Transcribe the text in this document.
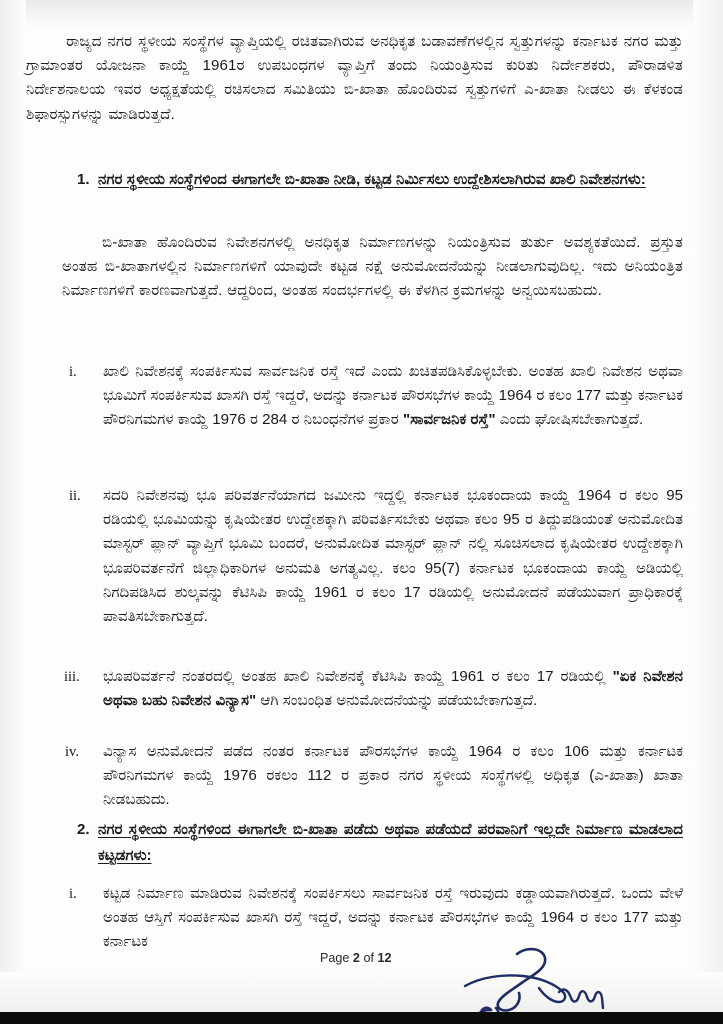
ರಾಜ್ಯದ ನಗರ ಸ್ಥಳೀಯ ಸಂಸ್ಥೆಗಳ ವ್ಯಾಪ್ತಿಯಲ್ಲಿ ರಚಿತವಾಗಿರುವ ಅನಧಿಕೃತ ಬಡಾವಣೆಗಳಲ್ಲಿನ ಸ್ವತ್ತುಗಳನ್ನು ಕರ್ನಾಟಕ ನಗರ ಮತ್ತು ಗ್ರಾಮಾಂತರ ಯೋಜನಾ ಕಾಯ್ದೆ 1961ರ ಉಪಬಂಧಗಳ ವ್ಯಾಪ್ತಿಗೆ ತಂದು ನಿಯಂತ್ರಿಸುವ ಕುರಿತು ನಿರ್ದೇಶಕರು, ಪೌರಾಡಳಿತ ನಿರ್ದೇಶನಾಲಯ ಇವರ ಅಧ್ಯಕ್ಷತೆಯಲ್ಲಿ ರಚಿಸಲಾದ ಸಮಿತಿಯು ಬಿ-ಖಾತಾ ಹೊಂದಿರುವ ಸ್ವತ್ತುಗಳಿಗೆ ಎ-ಖಾತಾ ನೀಡಲು ಈ ಕೆಳಕಂಡ ಶಿಫಾರಸ್ಸುಗಳನ್ನು ಮಾಡಿರುತ್ತದೆ.
1. ನಗರ ಸ್ಥಳೀಯ ಸಂಸ್ಥೆಗಳಿಂದ ಈಗಾಗಲೇ ಬಿ-ಖಾತಾ ನೀಡಿ, ಕಟ್ಟಡ ನಿರ್ಮಿಸಲು ಉದ್ದೇಶಿಸಲಾಗಿರುವ ಖಾಲಿ ನಿವೇಶನಗಳು:
ಬಿ-ಖಾತಾ ಹೊಂದಿರುವ ನಿವೇಶನಗಳಲ್ಲಿ ಅನಧಿಕೃತ ನಿರ್ಮಾಣಗಳನ್ನು ನಿಯಂತ್ರಿಸುವ ತುರ್ತು ಅವಶ್ಯಕತೆಯಿದೆ. ಪ್ರಸ್ತುತ ಅಂತಹ ಬಿ-ಖಾತಾಗಳಲ್ಲಿನ ನಿರ್ಮಾಣಗಳಿಗೆ ಯಾವುದೇ ಕಟ್ಟಡ ನಕ್ಷೆ ಅನುಮೋದನೆಯನ್ನು ನೀಡಲಾಗುವುದಿಲ್ಲ. ಇದು ಅನಿಯಂತ್ರಿತ ನಿರ್ಮಾಣಗಳಿಗೆ ಕಾರಣವಾಗುತ್ತದೆ. ಆದ್ದರಿಂದ, ಅಂತಹ ಸಂದರ್ಭಗಳಲ್ಲಿ ಈ ಕೆಳಗಿನ ಕ್ರಮಗಳನ್ನು ಅನ್ವಯಿಸಬಹುದು.
i. ಖಾಲಿ ನಿವೇಶನಕ್ಕೆ ಸಂಪರ್ಕಿಸುವ ಸಾರ್ವಜನಿಕ ರಸ್ತೆ ಇದೆ ಎಂದು ಖಚಿತಪಡಿಸಿಕೊಳ್ಳಬೇಕು. ಅಂತಹ ಖಾಲಿ ನಿವೇಶನ ಅಥವಾ ಭೂಮಿಗೆ ಸಂಪರ್ಕಿಸುವ ಖಾಸಗಿ ರಸ್ತೆ ಇದ್ದರೆ, ಅದನ್ನು ಕರ್ನಾಟಕ ಪೌರಸಭೆಗಳ ಕಾಯ್ದೆ 1964 ರ ಕಲಂ 177 ಮತ್ತು ಕರ್ನಾಟಕ ಪೌರನಿಗಮಗಳ ಕಾಯ್ದೆ 1976 ರ 284 ರ ನಿಬಂಧನೆಗಳ ಪ್ರಕಾರ "ಸಾರ್ವಜನಿಕ ರಸ್ತೆ" ಎಂದು ಘೋಷಿಸಬೇಕಾಗುತ್ತದೆ.
ii. ಸದರಿ ನಿವೇಶನವು ಭೂ ಪರಿವರ್ತನೆಯಾಗದ ಜಮೀನು ಇದ್ದಲ್ಲಿ ಕರ್ನಾಟಕ ಭೂಕಂದಾಯ ಕಾಯ್ದೆ 1964 ರ ಕಲಂ 95 ರಡಿಯಲ್ಲಿ ಭೂಮಿಯನ್ನು ಕೃಷಿಯೇತರ ಉದ್ದೇಶಕ್ಕಾಗಿ ಪರಿವರ್ತಿಸಬೇಕು ಅಥವಾ ಕಲಂ 95 ರ ತಿದ್ದುಪಡಿಯಂತೆ ಅನುಮೋದಿತ ಮಾಸ್ಟರ್ ಪ್ಲಾನ್ ವ್ಯಾಪ್ತಿಗೆ ಭೂಮಿ ಬಂದರೆ, ಅನುಮೋದಿತ ಮಾಸ್ಟರ್ ಪ್ಲಾನ್ ನಲ್ಲಿ ಸೂಚಿಸಲಾದ ಕೃಷಿಯೇತರ ಉದ್ದೇಶಕ್ಕಾಗಿ ಭೂಪರಿವರ್ತನೆಗೆ ಜಿಲ್ಲಾಧಿಕಾರಿಗಳ ಅನುಮತಿ ಅಗತ್ಯವಿಲ್ಲ. ಕಲಂ 95(7) ಕರ್ನಾಟಕ ಭೂಕಂದಾಯ ಕಾಯ್ದೆ ಅಡಿಯಲ್ಲಿ ನಿಗದಿಪಡಿಸಿದ ಶುಲ್ಕವನ್ನು ಕೆಟಿಸಿಪಿ ಕಾಯ್ದೆ 1961 ರ ಕಲಂ 17 ರಡಿಯಲ್ಲಿ ಅನುಮೋದನೆ ಪಡೆಯುವಾಗ ಪ್ರಾಧಿಕಾರಕ್ಕೆ ಪಾವತಿಸಬೇಕಾಗುತ್ತದೆ.
iii. ಭೂಪರಿವರ್ತನೆ ನಂತರದಲ್ಲಿ ಅಂತಹ ಖಾಲಿ ನಿವೇಶನಕ್ಕೆ ಕೆಟಿಸಿಪಿ ಕಾಯ್ದೆ 1961 ರ ಕಲಂ 17 ರಡಿಯಲ್ಲಿ "ಏಕ ನಿವೇಶನ ಅಥವಾ ಬಹು ನಿವೇಶನ ವಿನ್ಯಾಸ" ಆಗಿ ಸಂಬಂಧಿತ ಅನುಮೋದನೆಯನ್ನು ಪಡೆಯಬೇಕಾಗುತ್ತದೆ.
iv. ವಿನ್ಯಾಸ ಅನುಮೋದನೆ ಪಡೆದ ನಂತರ ಕರ್ನಾಟಕ ಪೌರಸಭೆಗಳ ಕಾಯ್ದೆ 1964 ರ ಕಲಂ 106 ಮತ್ತು ಕರ್ನಾಟಕ ಪೌರನಿಗಮಗಳ ಕಾಯ್ದೆ 1976 ರಕಲಂ 112 ರ ಪ್ರಕಾರ ನಗರ ಸ್ಥಳೀಯ ಸಂಸ್ಥೆಗಳಲ್ಲಿ ಅಧಿಕೃತ (ಎ-ಖಾತಾ) ಖಾತಾ ನೀಡಬಹುದು.
2. ನಗರ ಸ್ಥಳೀಯ ಸಂಸ್ಥೆಗಳಿಂದ ಈಗಾಗಲೇ ಬಿ-ಖಾತಾ ಪಡೆದು ಅಥವಾ ಪಡೆಯದೆ ಪರವಾನಿಗೆ ಇಲ್ಲದೇ ನಿರ್ಮಾಣ ಮಾಡಲಾದ ಕಟ್ಟಡಗಳು:
i. ಕಟ್ಟಡ ನಿರ್ಮಾಣ ಮಾಡಿರುವ ನಿವೇಶನಕ್ಕೆ ಸಂಪರ್ಕಿಸಲು ಸಾರ್ವಜನಿಕ ರಸ್ತೆ ಇರುವುದು ಕಡ್ಡಾಯವಾಗಿರುತ್ತದೆ. ಒಂದು ವೇಳೆ ಅಂತಹ ಆಸ್ತಿಗೆ ಸಂಪರ್ಕಿಸುವ ಖಾಸಗಿ ರಸ್ತೆ ಇದ್ದರೆ, ಅದನ್ನು ಕರ್ನಾಟಕ ಪೌರಸಭೆಗಳ ಕಾಯ್ದೆ 1964 ರ ಕಲಂ 177 ಮತ್ತು ಕರ್ನಾಟಕ
Page 2 of 12
